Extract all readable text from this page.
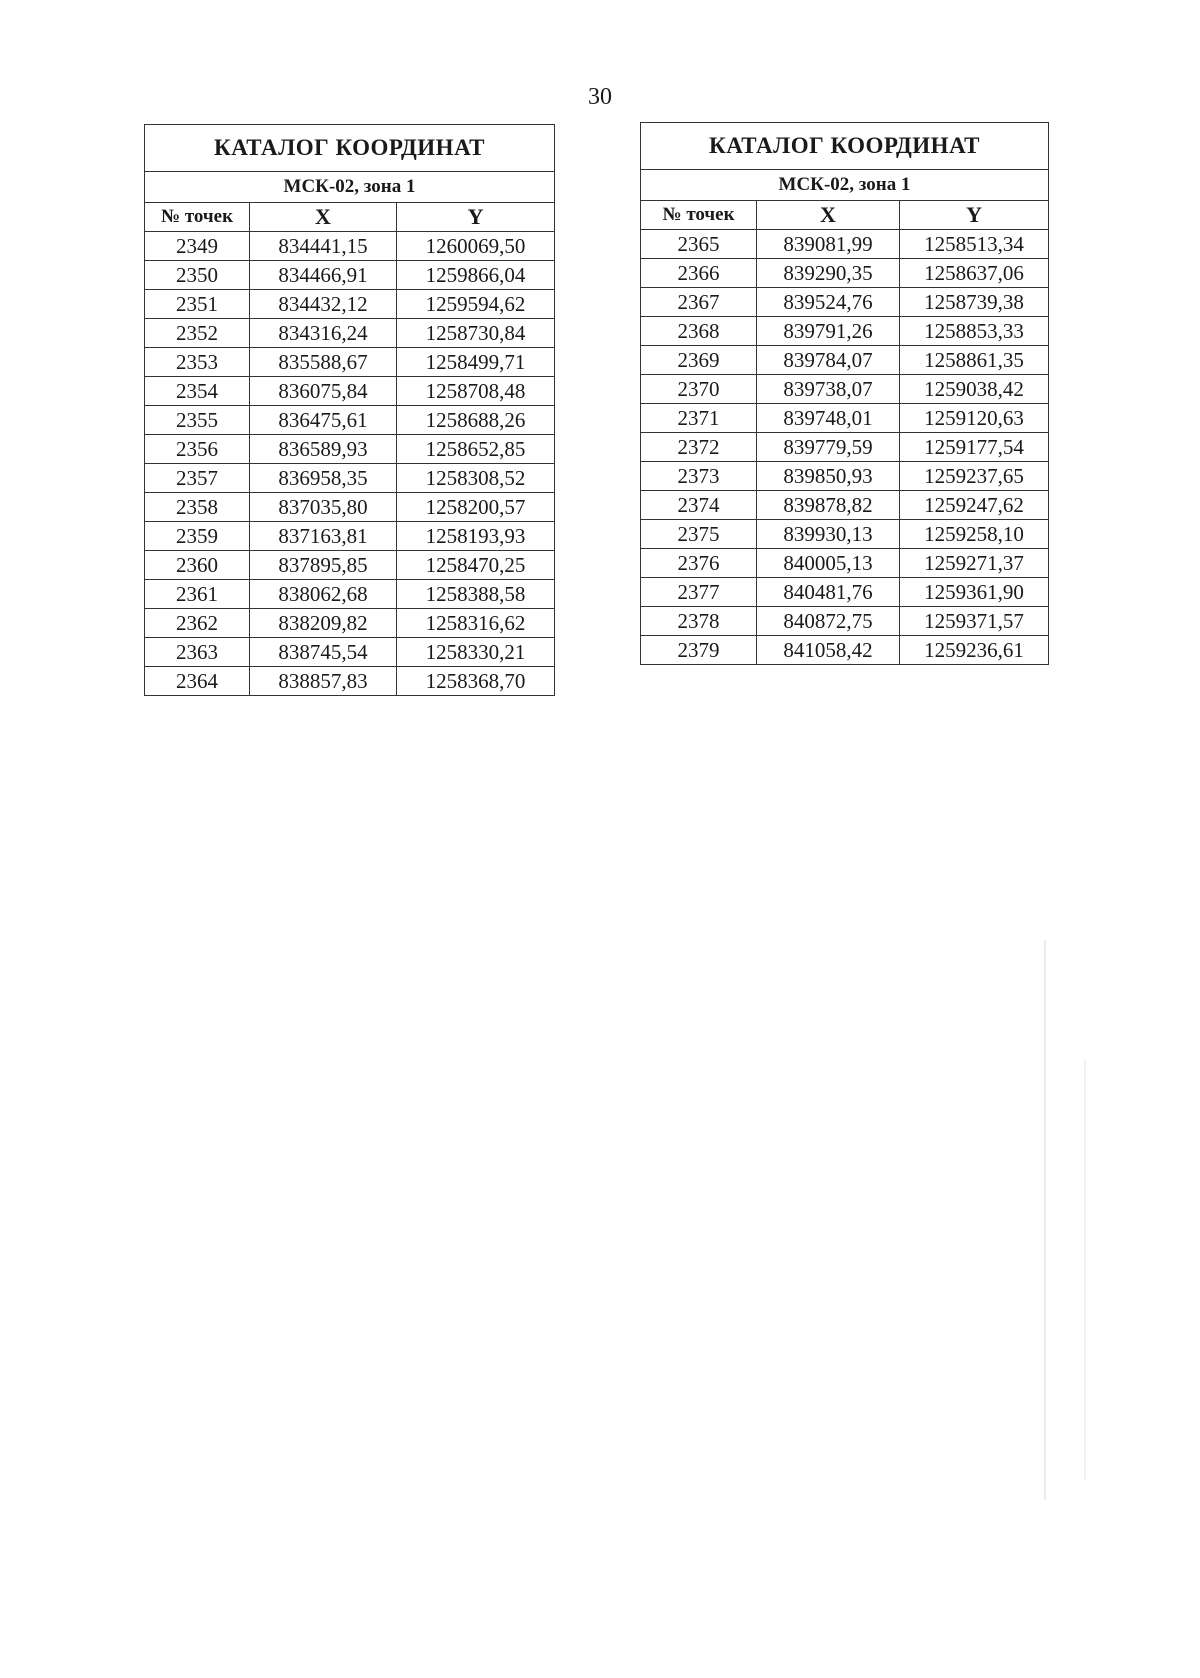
30
КАТАЛОГ КООРДИНАТ		
МСК-02, зона 1		
№ точек	X	Y
2349	834441,15	1260069,50
2350	834466,91	1259866,04
2351	834432,12	1259594,62
2352	834316,24	1258730,84
2353	835588,67	1258499,71
2354	836075,84	1258708,48
2355	836475,61	1258688,26
2356	836589,93	1258652,85
2357	836958,35	1258308,52
2358	837035,80	1258200,57
2359	837163,81	1258193,93
2360	837895,85	1258470,25
2361	838062,68	1258388,58
2362	838209,82	1258316,62
2363	838745,54	1258330,21
2364	838857,83	1258368,70
КАТАЛОГ КООРДИНАТ		
МСК-02, зона 1		
№ точек	X	Y
2365	839081,99	1258513,34
2366	839290,35	1258637,06
2367	839524,76	1258739,38
2368	839791,26	1258853,33
2369	839784,07	1258861,35
2370	839738,07	1259038,42
2371	839748,01	1259120,63
2372	839779,59	1259177,54
2373	839850,93	1259237,65
2374	839878,82	1259247,62
2375	839930,13	1259258,10
2376	840005,13	1259271,37
2377	840481,76	1259361,90
2378	840872,75	1259371,57
2379	841058,42	1259236,61
